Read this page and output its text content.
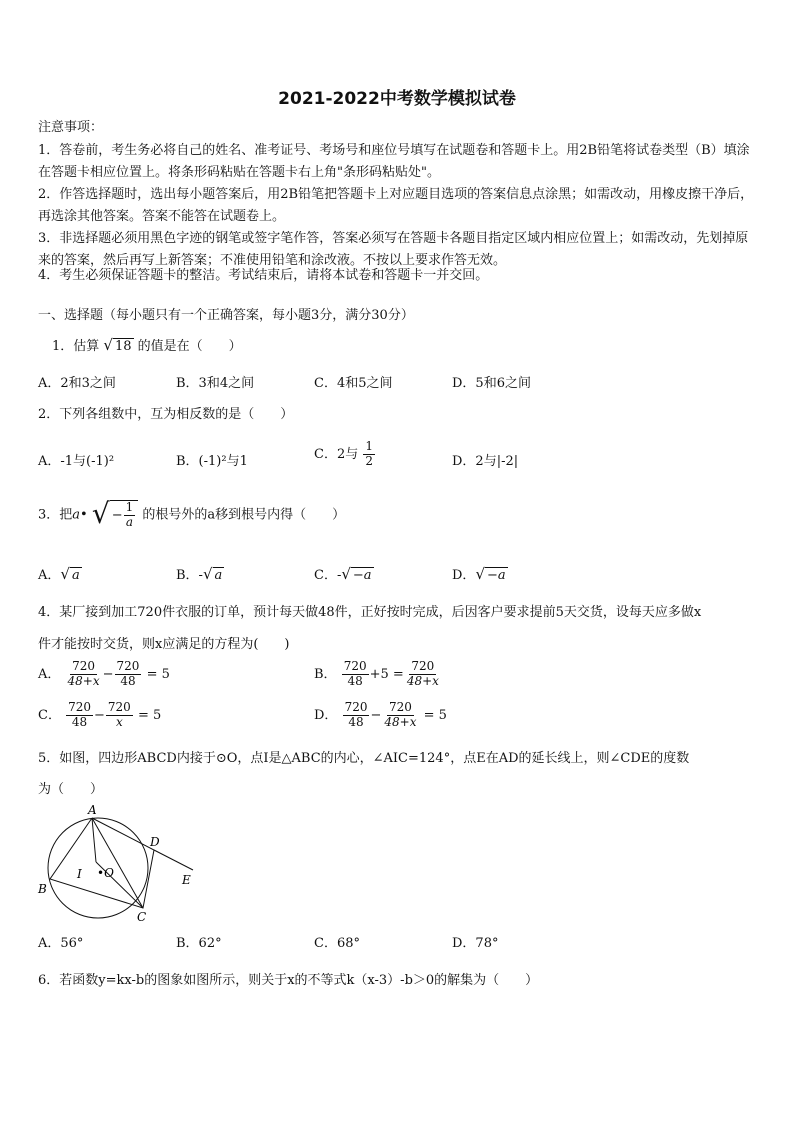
2021-2022中考数学模拟试卷
注意事项：
1．答卷前，考生务必将自己的姓名、准考证号、考场号和座位号填写在试题卷和答题卡上。用2B铅笔将试卷类型（B）填涂在答题卡相应位置上。将条形码粘贴在答题卡右上角"条形码粘贴处"。
2．作答选择题时，选出每小题答案后，用2B铅笔把答题卡上对应题目选项的答案信息点涂黑；如需改动，用橡皮擦干净后，再选涂其他答案。答案不能答在试题卷上。
3．非选择题必须用黑色字迹的钢笔或签字笔作答，答案必须写在答题卡各题目指定区域内相应位置上；如需改动，先划掉原来的答案，然后再写上新答案；不准使用铅笔和涂改液。不按以上要求作答无效。
4．考生必须保证答题卡的整洁。考试结束后，请将本试卷和答题卡一并交回。
一、选择题（每小题只有一个正确答案，每小题3分，满分30分）
1．估算 √ 18 的值是在（　　）
A．2和3之间	B．3和4之间	C．4和5之间	D．5和6之间
2．下列各组数中，互为相反数的是（　　）
A．-1与(-1)²	B．(-1)²与1	C．2与 $\frac{1}{2}$	D．2与|-2|
3．把a• √ − $\frac{1}{a}$ 的根号外的a移到根号内得（　　）
A． √ a	B．- √ a	C．- √ −a	D． √ −a
4．某厂接到加工720件衣服的订单，预计每天做48件，正好按时完成，后因客户要求提前5天交货，设每天应多做x
件才能按时交货，则x应满足的方程为(　　)
A． $\frac{720}{48+x} - \frac{720}{48} = 5$	B． $\frac{720}{48} +5 = \frac{720}{48+x}$
C． $\frac{720}{48} - \frac{720}{x} = 5$	D． $\frac{720}{48} - \frac{720}{48+x} = 5$
5．如图，四边形ABCD内接于⊙O，点I是△ABC的内心，∠AIC=124°，点E在AD的延长线上，则∠CDE的度数
为（　　）
A
B
C
D
E
I •O
A．56°	B．62°	C．68°	D．78°
6．若函数y=kx-b的图象如图所示，则关于x的不等式k（x-3）-b＞0的解集为（　　）
